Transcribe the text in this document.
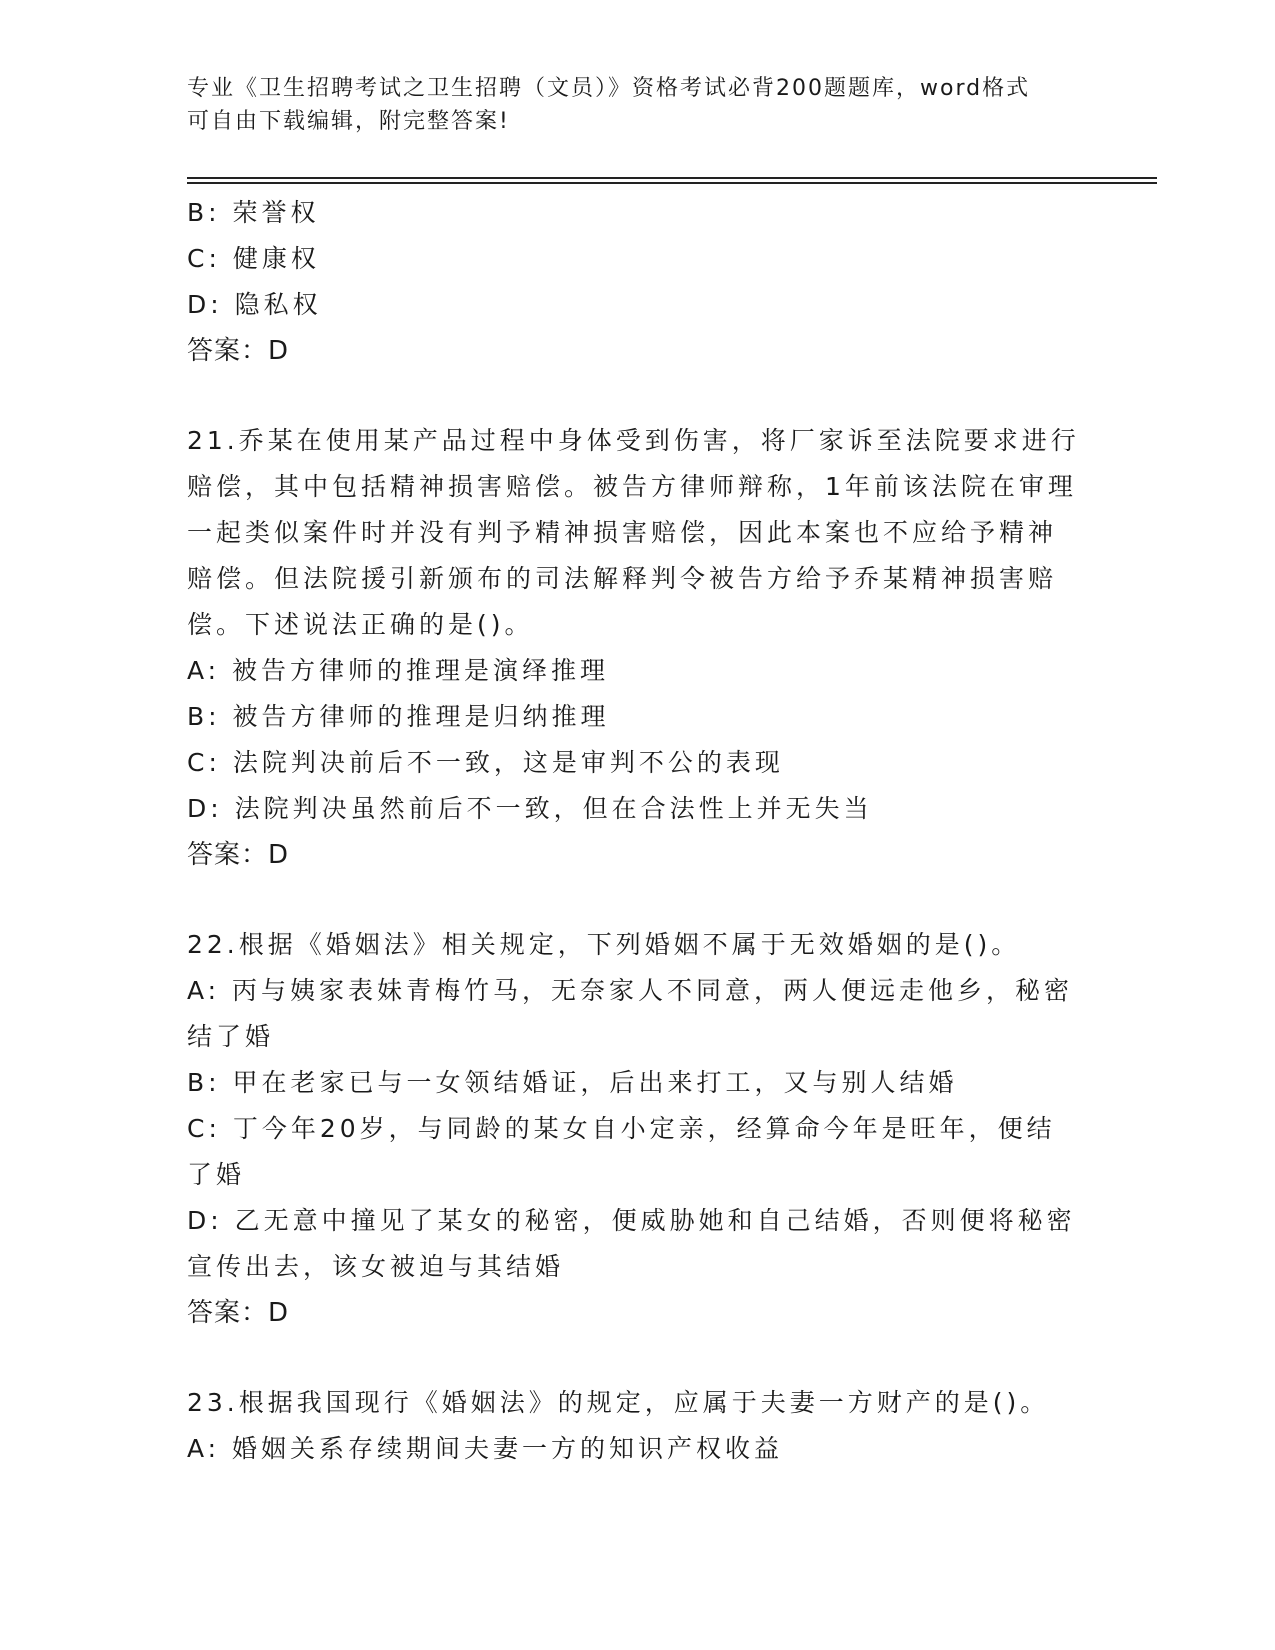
专业《卫生招聘考试之卫生招聘（文员）》资格考试必背200题题库，word格式
可自由下载编辑，附完整答案!
B: 荣誉权
C: 健康权
D: 隐私权
答案：D
21.乔某在使用某产品过程中身体受到伤害，将厂家诉至法院要求进行
赔偿，其中包括精神损害赔偿。被告方律师辩称，1年前该法院在审理
一起类似案件时并没有判予精神损害赔偿，因此本案也不应给予精神
赔偿。但法院援引新颁布的司法解释判令被告方给予乔某精神损害赔
偿。下述说法正确的是()。
A: 被告方律师的推理是演绎推理
B: 被告方律师的推理是归纳推理
C: 法院判决前后不一致，这是审判不公的表现
D: 法院判决虽然前后不一致，但在合法性上并无失当
答案：D
22.根据《婚姻法》相关规定，下列婚姻不属于无效婚姻的是()。
A: 丙与姨家表妹青梅竹马，无奈家人不同意，两人便远走他乡，秘密
结了婚
B: 甲在老家已与一女领结婚证，后出来打工，又与别人结婚
C: 丁今年20岁，与同龄的某女自小定亲，经算命今年是旺年，便结
了婚
D: 乙无意中撞见了某女的秘密，便威胁她和自己结婚，否则便将秘密
宣传出去，该女被迫与其结婚
答案：D
23.根据我国现行《婚姻法》的规定，应属于夫妻一方财产的是()。
A: 婚姻关系存续期间夫妻一方的知识产权收益
